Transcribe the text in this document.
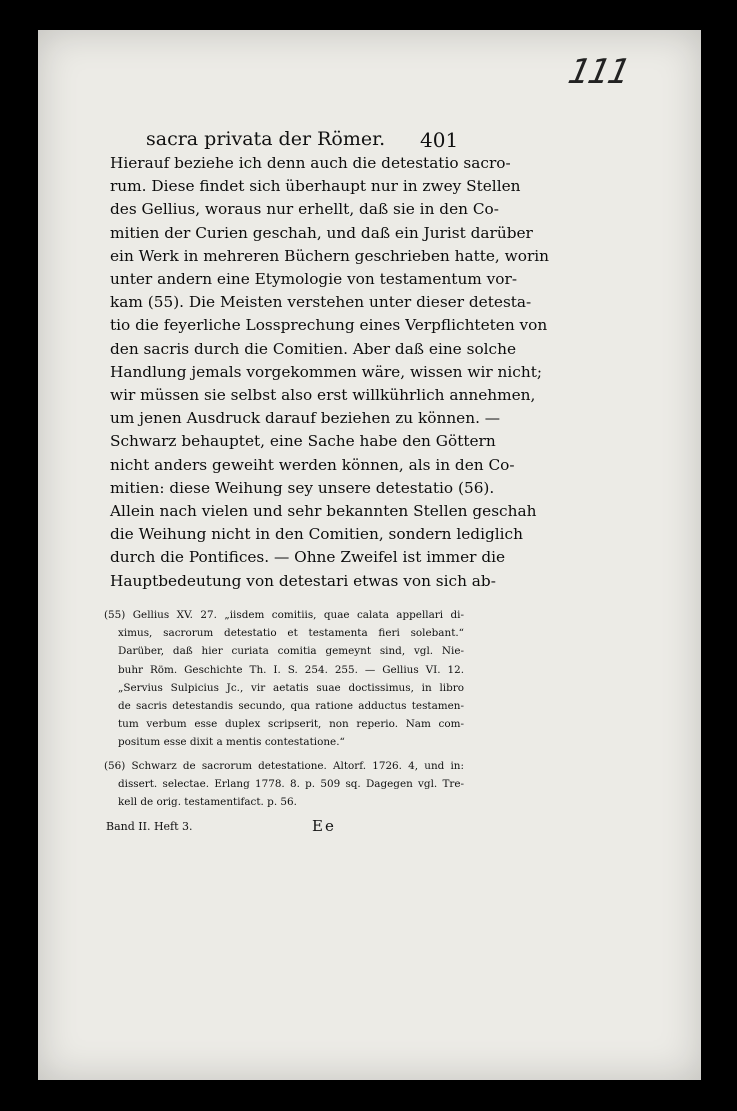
111
sacra privata der Römer. 401
Hierauf beziehe ich denn auch die detestatio sacro-
rum. Diese findet sich überhaupt nur in zwey Stellen
des Gellius, woraus nur erhellt, daß sie in den Co-
mitien der Curien geschah, und daß ein Jurist darüber
ein Werk in mehreren Büchern geschrieben hatte, worin
unter andern eine Etymologie von testamentum vor-
kam (55). Die Meisten verstehen unter dieser detesta-
tio die feyerliche Lossprechung eines Verpflichteten von
den sacris durch die Comitien. Aber daß eine solche
Handlung jemals vorgekommen wäre, wissen wir nicht;
wir müssen sie selbst also erst willkührlich annehmen,
um jenen Ausdruck darauf beziehen zu können. —
Schwarz behauptet, eine Sache habe den Göttern
nicht anders geweiht werden können, als in den Co-
mitien: diese Weihung sey unsere detestatio (56).
Allein nach vielen und sehr bekannten Stellen geschah
die Weihung nicht in den Comitien, sondern lediglich
durch die Pontifices. — Ohne Zweifel ist immer die
Hauptbedeutung von detestari etwas von sich ab-
(55) Gellius XV. 27. „iisdem comitiis, quae calata appellari di-
ximus, sacrorum detestatio et testamenta fieri solebant.“
Darüber, daß hier curiata comitia gemeynt sind, vgl. Nie-
buhr Röm. Geschichte Th. I. S. 254. 255. — Gellius VI. 12.
„Servius Sulpicius Jc., vir aetatis suae doctissimus, in libro
de sacris detestandis secundo, qua ratione adductus testamen-
tum verbum esse duplex scripserit, non reperio. Nam com-
positum esse dixit a mentis contestatione.“
(56) Schwarz de sacrorum detestatione. Altorf. 1726. 4, und in:
dissert. selectae. Erlang 1778. 8. p. 509 sq. Dagegen vgl. Tre-
kell de orig. testamentifact. p. 56.
Band II. Heft 3.	Ee
